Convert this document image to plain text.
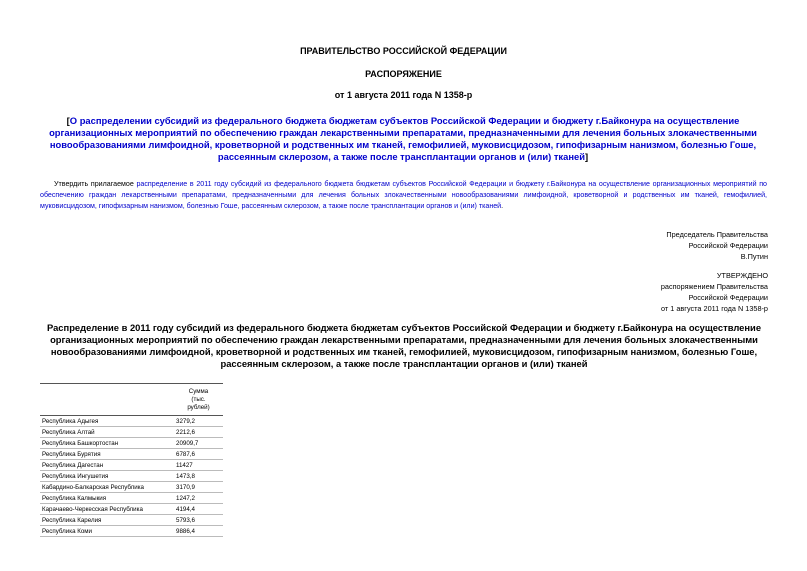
ПРАВИТЕЛЬСТВО РОССИЙСКОЙ ФЕДЕРАЦИИ
РАСПОРЯЖЕНИЕ
от 1 августа 2011 года N 1358-р
[О распределении субсидий из федерального бюджета бюджетам субъектов Российской Федерации и бюджету г.Байконура на осуществление организационных мероприятий по обеспечению граждан лекарственными препаратами, предназначенными для лечения больных злокачественными новообразованиями лимфоидной, кроветворной и родственных им тканей, гемофилией, муковисцидозом, гипофизарным нанизмом, болезнью Гоше, рассеянным склерозом, а также после трансплантации органов и (или) тканей]
Утвердить прилагаемое распределение в 2011 году субсидий из федерального бюджета бюджетам субъектов Российской Федерации и бюджету г.Байконура на осуществление организационных мероприятий по обеспечению граждан лекарственными препаратами, предназначенными для лечения больных злокачественными новообразованиями лимфоидной, кроветворной и родственных им тканей, гемофилией, муковисцидозом, гипофизарным нанизмом, болезнью Гоше, рассеянным склерозом, а также после трансплантации органов и (или) тканей.
Председатель Правительства
Российской Федерации
В.Путин
УТВЕРЖДЕНО
распоряжением Правительства
Российской Федерации
от 1 августа 2011 года N 1358-р
Распределение в 2011 году субсидий из федерального бюджета бюджетам субъектов Российской Федерации и бюджету г.Байконура на осуществление организационных мероприятий по обеспечению граждан лекарственными препаратами, предназначенными для лечения больных злокачественными новообразованиями лимфоидной, кроветворной и родственных им тканей, гемофилией, муковисцидозом, гипофизарным нанизмом, болезнью Гоше, рассеянным склерозом, а также после трансплантации органов и (или) тканей

	Сумма
(тыс.
рублей)

Республика Адыгея	3279,2
Республика Алтай	2212,6
Республика Башкортостан	20909,7
Республика Бурятия	6787,6
Республика Дагестан	11427
Республика Ингушетия	1473,8
Кабардино-Балкарская Республика	3170,9
Республика Калмыкия	1247,2
Карачаево-Черкесская Республика	4194,4
Республика Карелия	5793,6
Республика Коми	9886,4
